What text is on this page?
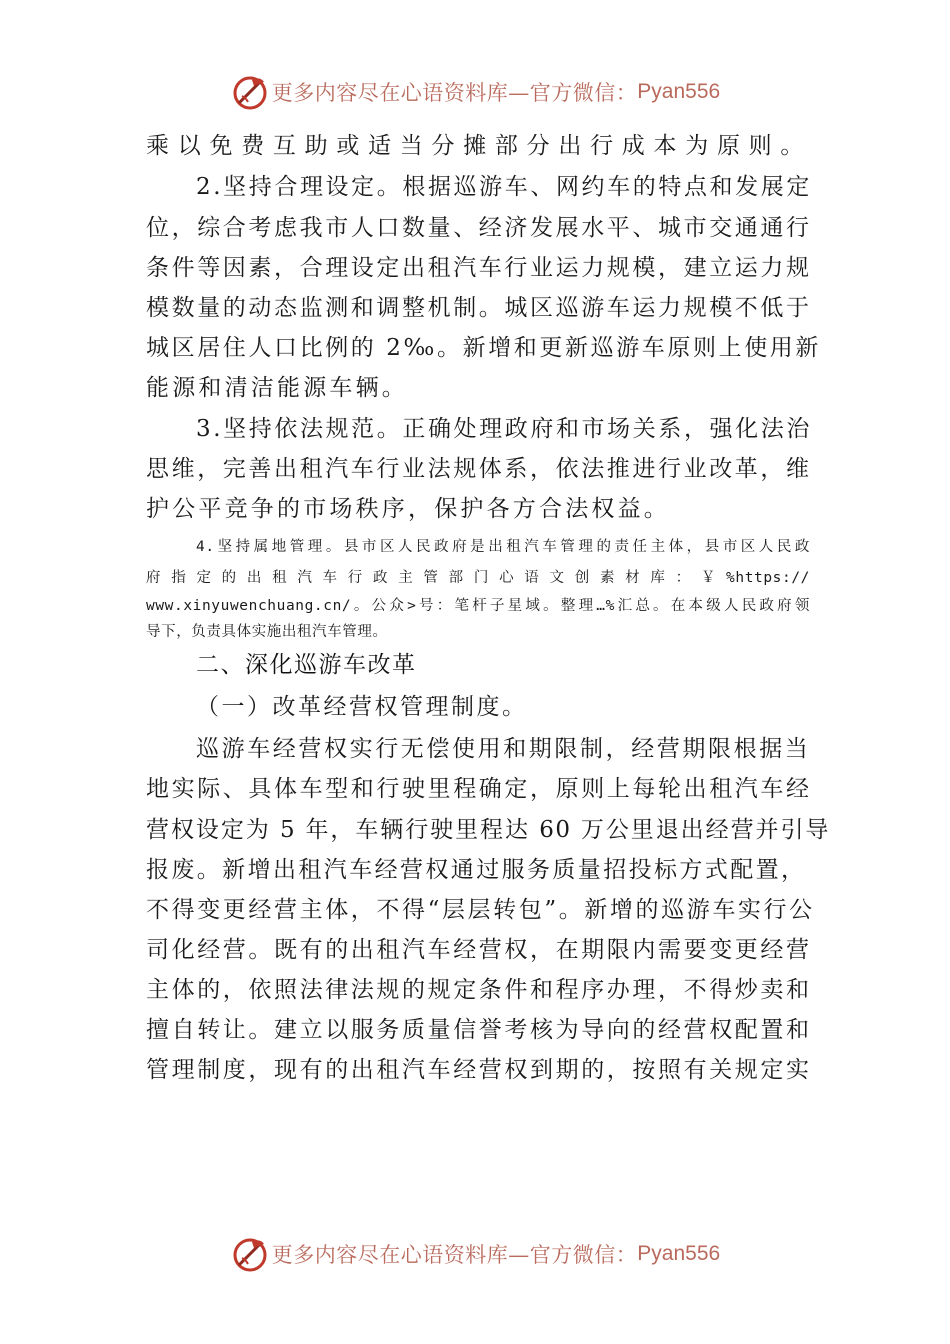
更多内容尽在心语资料库—官方微信： Pyan556
乘以免费互助或适当分摊部分出行成本为原则。
2.坚持合理设定。根据巡游车、网约车的特点和发展定
位，综合考虑我市人口数量、经济发展水平、城市交通通行
条件等因素，合理设定出租汽车行业运力规模，建立运力规
模数量的动态监测和调整机制。城区巡游车运力规模不低于
城区居住人口比例的 2‰。新增和更新巡游车原则上使用新
能源和清洁能源车辆。
3.坚持依法规范。正确处理政府和市场关系，强化法治
思维，完善出租汽车行业法规体系，依法推进行业改革，维
护公平竞争的市场秩序，保护各方合法权益。
4.坚持属地管理。县市区人民政府是出租汽车管理的责任主体，县市区人民政
府指定的出租汽车行政主管部门心语文创素材库：￥%https://
www.xinyuwenchuang.cn/。公众>号：笔杆子星域。整理…%汇总。在本级人民政府领
导下，负责具体实施出租汽车管理。
二、深化巡游车改革
（一）改革经营权管理制度。
巡游车经营权实行无偿使用和期限制，经营期限根据当
地实际、具体车型和行驶里程确定，原则上每轮出租汽车经
营权设定为 5 年，车辆行驶里程达 60 万公里退出经营并引导
报废。新增出租汽车经营权通过服务质量招投标方式配置，
不得变更经营主体，不得“层层转包”。新增的巡游车实行公
司化经营。既有的出租汽车经营权，在期限内需要变更经营
主体的，依照法律法规的规定条件和程序办理，不得炒卖和
擅自转让。建立以服务质量信誉考核为导向的经营权配置和
管理制度，现有的出租汽车经营权到期的，按照有关规定实
更多内容尽在心语资料库—官方微信： Pyan556
